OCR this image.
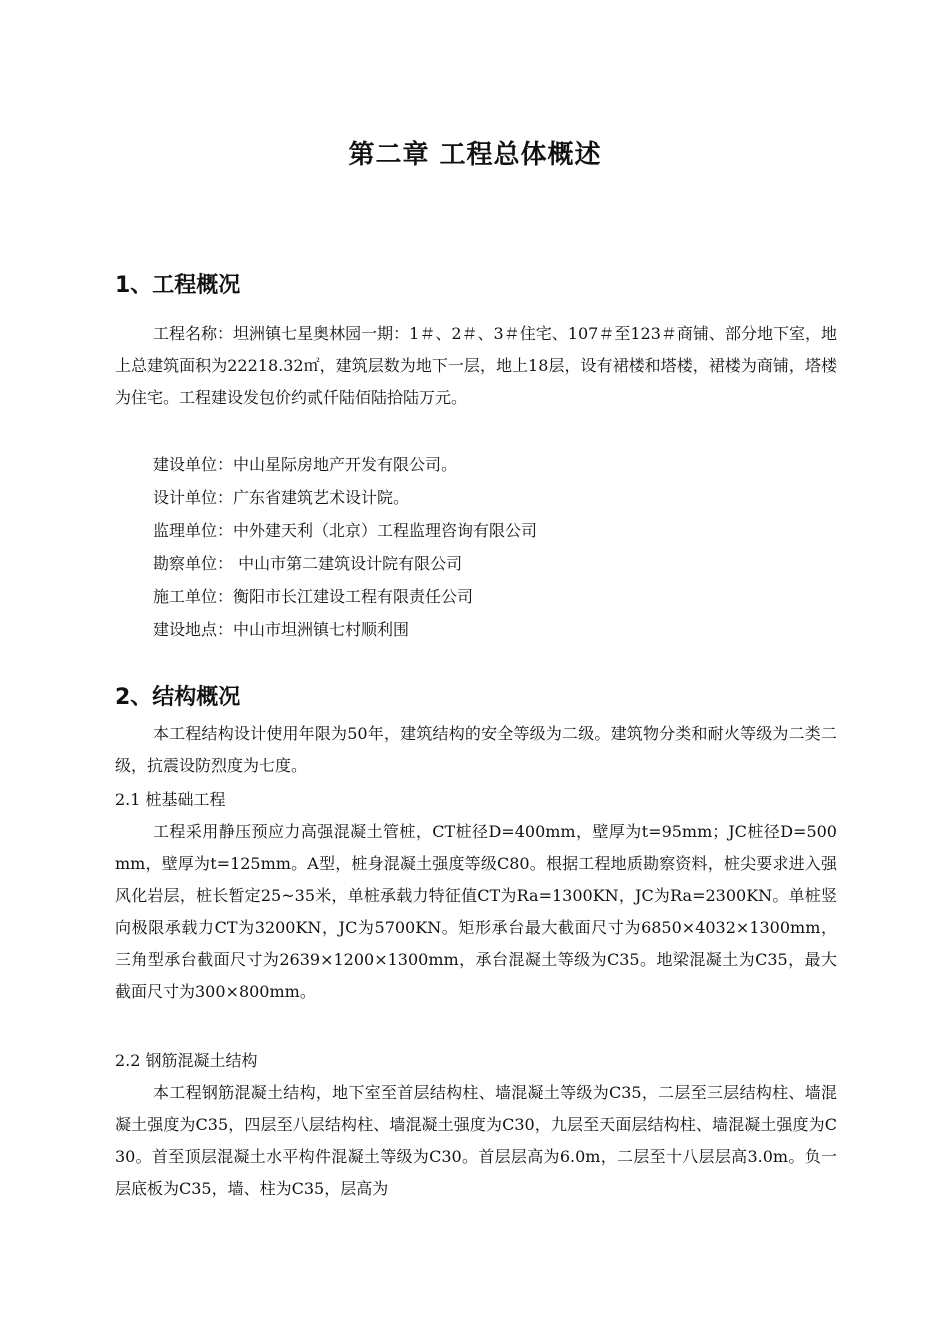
第二章 工程总体概述
1、工程概况
工程名称：坦洲镇七星奥林园一期：1＃、2＃、3＃住宅、107＃至123＃商铺、部分地下室，地上总建筑面积为22218.32㎡，建筑层数为地下一层，地上18层，设有裙楼和塔楼，裙楼为商铺，塔楼为住宅。工程建设发包价约贰仟陆佰陆拾陆万元。
建设单位：中山星际房地产开发有限公司。
设计单位：广东省建筑艺术设计院。
监理单位：中外建天利（北京）工程监理咨询有限公司
勘察单位： 中山市第二建筑设计院有限公司
施工单位：衡阳市长江建设工程有限责任公司
建设地点：中山市坦洲镇七村顺利围
2、结构概况
本工程结构设计使用年限为50年，建筑结构的安全等级为二级。建筑物分类和耐火等级为二类二级，抗震设防烈度为七度。
2.1 桩基础工程
工程采用静压预应力高强混凝土管桩，CT桩径D=400mm，壁厚为t=95mm；JC桩径D=500mm，壁厚为t=125mm。A型，桩身混凝土强度等级C80。根据工程地质勘察资料，桩尖要求进入强风化岩层，桩长暂定25~35米，单桩承载力特征值CT为Ra=1300KN，JC为Ra=2300KN。单桩竖向极限承载力CT为3200KN，JC为5700KN。矩形承台最大截面尺寸为6850×4032×1300mm，三角型承台截面尺寸为2639×1200×1300mm，承台混凝土等级为C35。地梁混凝土为C35，最大截面尺寸为300×800mm。
2.2 钢筋混凝土结构
本工程钢筋混凝土结构，地下室至首层结构柱、墙混凝土等级为C35，二层至三层结构柱、墙混凝土强度为C35，四层至八层结构柱、墙混凝土强度为C30，九层至天面层结构柱、墙混凝土强度为C30。首至顶层混凝土水平构件混凝土等级为C30。首层层高为6.0m，二层至十八层层高3.0m。负一层底板为C35，墙、柱为C35，层高为
